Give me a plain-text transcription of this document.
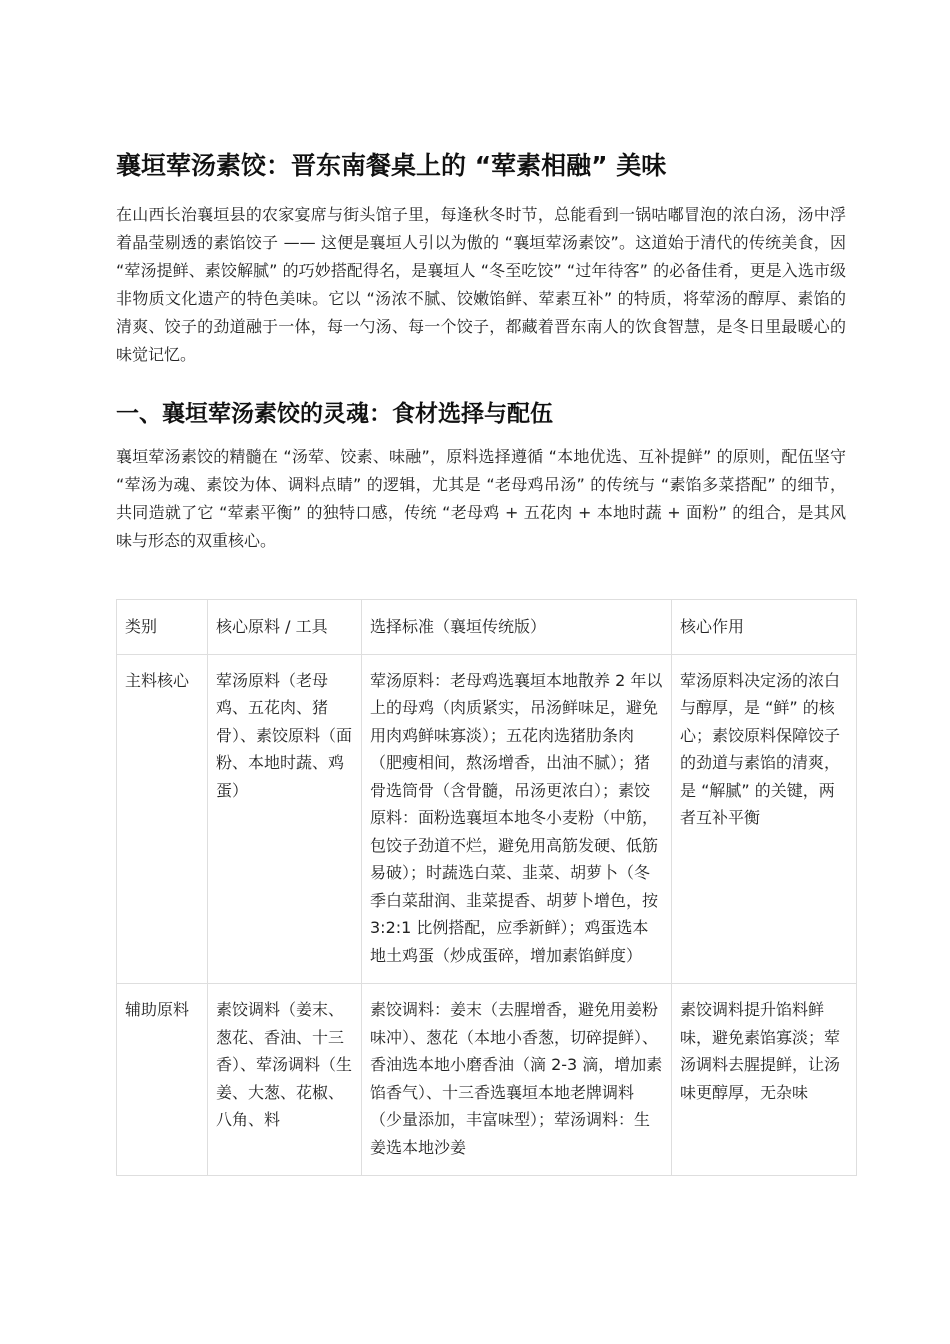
襄垣荤汤素饺：晋东南餐桌上的 “荤素相融” 美味

在山西长治襄垣县的农家宴席与街头馆子里，每逢秋冬时节，总能看到一锅咕嘟冒泡的浓白汤，汤中浮着晶莹剔透的素馅饺子 —— 这便是襄垣人引以为傲的 “襄垣荤汤素饺”。这道始于清代的传统美食，因 “荤汤提鲜、素饺解腻” 的巧妙搭配得名，是襄垣人 “冬至吃饺” “过年待客” 的必备佳肴，更是入选市级非物质文化遗产的特色美味。它以 “汤浓不腻、饺嫩馅鲜、荤素互补” 的特质，将荤汤的醇厚、素馅的清爽、饺子的劲道融于一体，每一勺汤、每一个饺子，都藏着晋东南人的饮食智慧，是冬日里最暖心的味觉记忆。

一、襄垣荤汤素饺的灵魂：食材选择与配伍

襄垣荤汤素饺的精髓在 “汤荤、饺素、味融”，原料选择遵循 “本地优选、互补提鲜” 的原则，配伍坚守 “荤汤为魂、素饺为体、调料点睛” 的逻辑，尤其是 “老母鸡吊汤” 的传统与 “素馅多菜搭配” 的细节，共同造就了它 “荤素平衡” 的独特口感，传统 “老母鸡 + 五花肉 + 本地时蔬 + 面粉” 的组合，是其风味与形态的双重核心。

类别	核心原料 / 工具	选择标准（襄垣传统版）	核心作用
主料核心	荤汤原料（老母鸡、五花肉、猪骨）、素饺原料（面粉、本地时蔬、鸡蛋）	荤汤原料：老母鸡选襄垣本地散养 2 年以上的母鸡（肉质紧实，吊汤鲜味足，避免用肉鸡鲜味寡淡）；五花肉选猪肋条肉（肥瘦相间，熬汤增香，出油不腻）；猪骨选筒骨（含骨髓，吊汤更浓白）；素饺原料：面粉选襄垣本地冬小麦粉（中筋，包饺子劲道不烂，避免用高筋发硬、低筋易破）；时蔬选白菜、韭菜、胡萝卜（冬季白菜甜润、韭菜提香、胡萝卜增色，按 3:2:1 比例搭配，应季新鲜）；鸡蛋选本地土鸡蛋（炒成蛋碎，增加素馅鲜度）	荤汤原料决定汤的浓白与醇厚，是 “鲜” 的核心；素饺原料保障饺子的劲道与素馅的清爽，是 “解腻” 的关键，两者互补平衡

辅助原料	素饺调料（姜末、葱花、香油、十三香）、荤汤调料（生姜、大葱、花椒、八角、料	素饺调料：姜末（去腥增香，避免用姜粉味冲）、葱花（本地小香葱，切碎提鲜）、香油选本地小磨香油（滴 2-3 滴，增加素馅香气）、十三香选襄垣本地老牌调料（少量添加，丰富味型）；荤汤调料：生姜选本地沙姜	素饺调料提升馅料鲜味，避免素馅寡淡；荤汤调料去腥提鲜，让汤味更醇厚，无杂味
